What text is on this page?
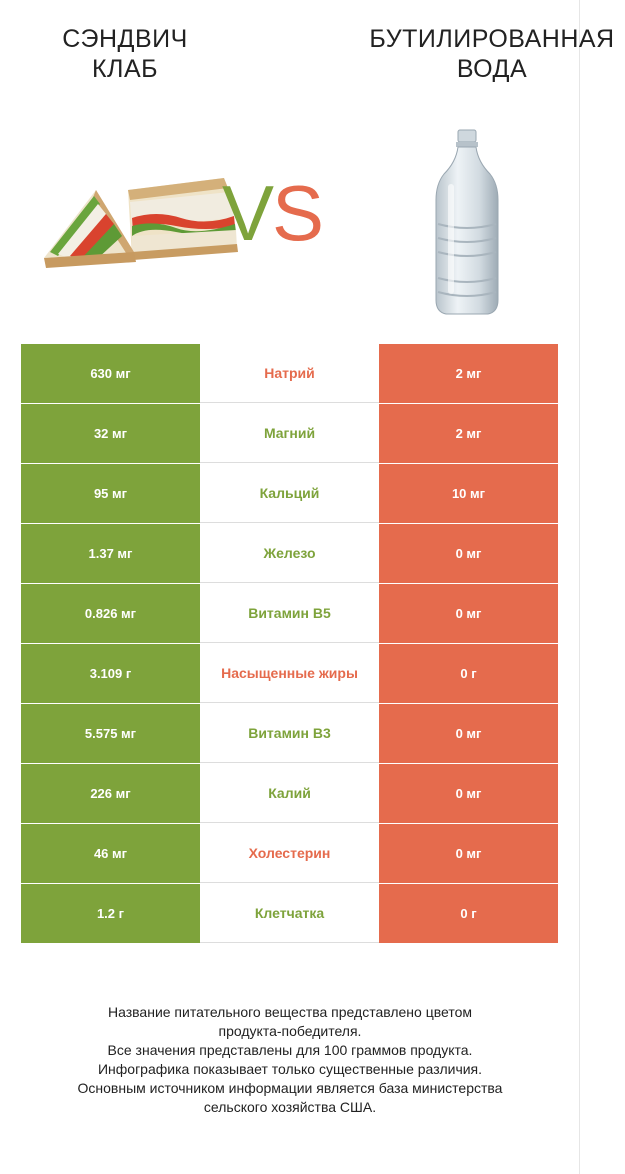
СЭНДВИЧ
КЛАБ
БУТИЛИРОВАННАЯ
ВОДА
VS
630 мг	Натрий	2 мг
32 мг	Магний	2 мг
95 мг	Кальций	10 мг
1.37 мг	Железо	0 мг
0.826 мг	Витамин B5	0 мг
3.109 г	Насыщенные жиры	0 г
5.575 мг	Витамин B3	0 мг
226 мг	Калий	0 мг
46 мг	Холестерин	0 мг
1.2 г	Клетчатка	0 г
Название питательного вещества представлено цветом
продукта-победителя.
Все значения представлены для 100 граммов продукта.
Инфографика показывает только существенные различия.
Основным источником информации является база министерства
сельского хозяйства США.
